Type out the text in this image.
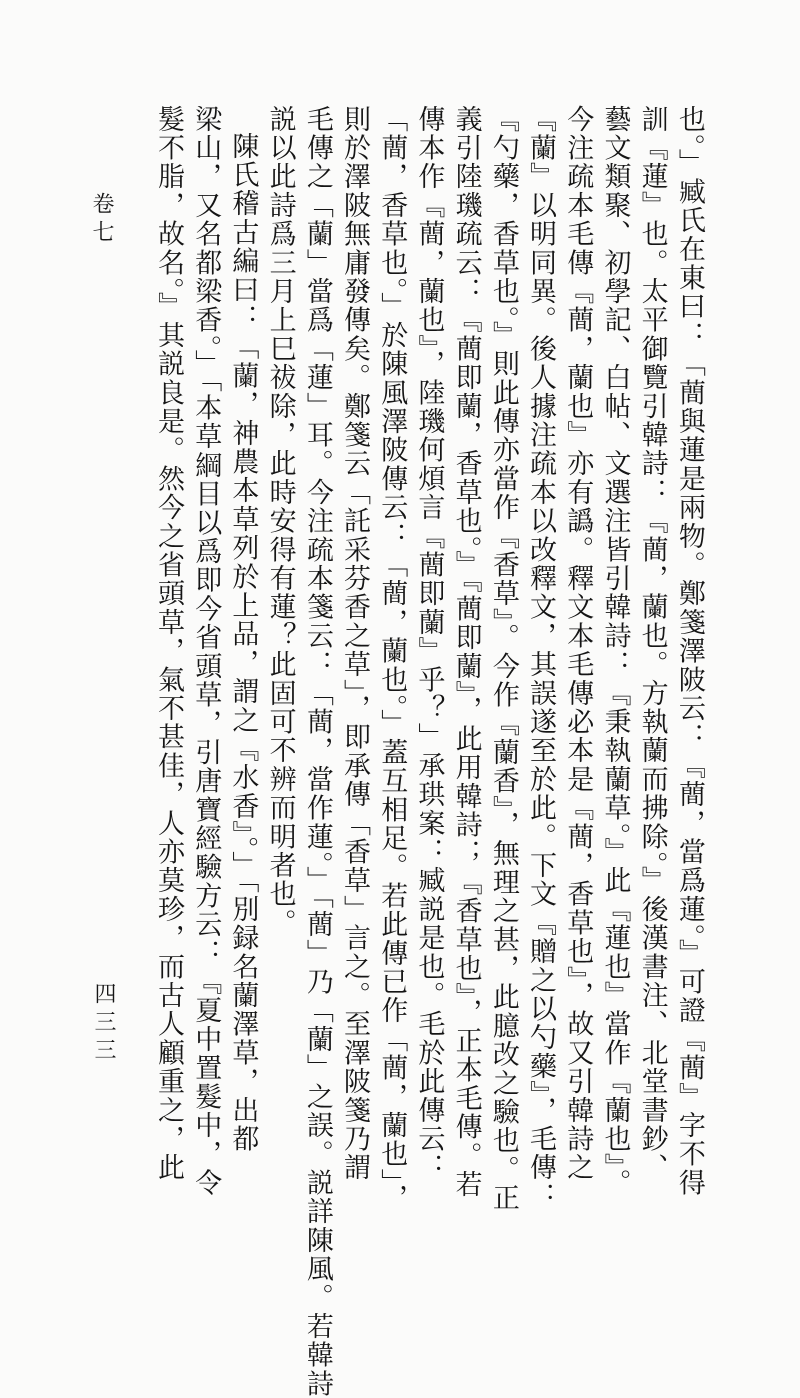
卷七
四三三	也。」臧氏在東曰：「蕳與蓮是兩物。鄭箋澤陂云：『蕳，當爲蓮。』可證『蕳』字不得
訓『蓮』也。太平御覽引韓詩：『蕳，蘭也。方執蘭而拂除。』後漢書注、北堂書鈔、
藝文類聚、初學記、白帖、文選注皆引韓詩：『秉執蘭草。』此『蓮也』當作『蘭也』。
今注疏本毛傳『蕳，蘭也』亦有譌。釋文本毛傳必本是『蕳，香草也』，故又引韓詩之
『蘭』以明同異。後人據注疏本以改釋文，其誤遂至於此。下文『贈之以勺藥』，毛傳：
『勺藥，香草也。』則此傳亦當作『香草』。今作『蘭香』，無理之甚，此臆改之驗也。正
義引陸璣疏云：『蕳即蘭，香草也。』『蕳即蘭』，此用韓詩；『香草也』，正本毛傳。若
傳本作『蕳，蘭也』，陸璣何煩言『蕳即蘭』乎？」承珙案：臧説是也。毛於此傳云：
「蕳，香草也。」於陳風澤陂傳云：「蕳，蘭也。」蓋互相足。若此傳已作「蕳，蘭也」，
則於澤陂無庸發傳矣。鄭箋云「託采芬香之草」，即承傳「香草」言之。至澤陂箋乃謂
毛傳之「蘭」當爲「蓮」耳。今注疏本箋云：「蕳，當作蓮。」「蕳」乃「蘭」之誤。説詳陳風。若韓詩
説以此詩爲三月上巳祓除，此時安得有蓮？此固可不辨而明者也。
陳氏稽古編曰：「蘭，神農本草列於上品，謂之『水香』。」「別録名蘭澤草，出都
梁山，又名都梁香。」「本草綱目以爲即今省頭草，引唐寶經驗方云：『夏中置髮中，令
髮不脂，故名。』其説良是。然今之省頭草，氣不甚佳，人亦莫珍，而古人顧重之，此
